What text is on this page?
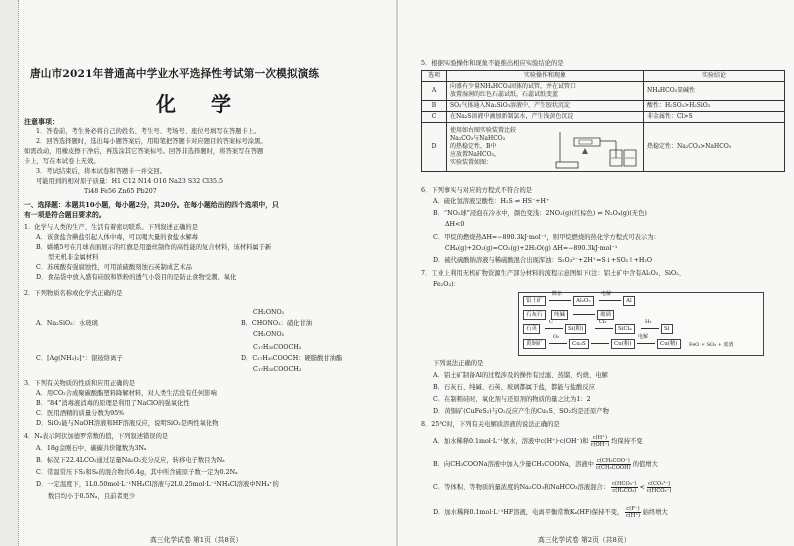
唐山市2021年普通高中学业水平选择性考试第一次模拟演练
化 学
注意事项：
1．答卷前，考生务必将自己的姓名、考生号、考场号、座位号填写在答题卡上。
2．回答选择题时，选出每小题答案后，用铅笔把答题卡对应题目的答案标号涂黑。
如需改动，用橡皮擦干净后，再选涂其它答案标号。回答非选择题时，将答案写在答题
卡上，写在本试卷上无效。
3．考试结束后，将本试卷和答题卡一并交回。
可能用到的相对原子质量：H1 C12 N14 O16 Na23 S32 Cl35.5
Ti48 Fe56 Zn65 Pb207
一、选择题：本题共10小题，每小题2分，共20分。在每小题给出的四个选项中，只
有一项是符合题目要求的。
1．化学与人类的生产、生活有着密切联系。下列叙述正确的是
A．该食盐含碘盐引起人体中毒，可以喝大量的食盐水解毒
B．嫦娥5号在月球表面展示的红旗是用蚕丝制作的高性能的复合材料，该材料属于新
型无机非金属材料
C．苏琉酸有强腐蚀性，可用浓硫酸刻蚀石英制成艺术品
D．食品袋中放入盛有硅胶和铁粉的透气小袋目的是防止食物受潮、氧化
2．下列物质名称或化学式正确的是
A．Na₂SiO₃：水玻璃
CH₂ONO₂
B．CHONO₂：硝化甘油
CH₂ONO₂
C．[Ag(NH₃)₂]⁺：银铵络离子
C₁₇H₃₅COOCH₂
D．C₁₇H₃₅COOCH：硬脂酸甘油酯
C₁₇H₃₅COOCH₂
3．下列有关物质的性质和应用正确的是
A．用CO₂合成聚碳酸酯塑料降解材料，对人类生活没有任何影响
B．“84”消毒液消毒的原理是利用了NaClO的强氧化性
C．医用酒精的质量分数为95%
D．SiO₂能与NaOH溶液和HF溶液反应，说明SiO₂是两性氧化物
4．Nₐ表示阿伏加德罗常数的值，下列叙述错误的是
A．18g金刚石中，碳碳共价键数为3Nₐ
B．标况下22.4LCO₂通过足量Na₂O₂充分反应，转移电子数目为Nₐ
C．常温常压下S₂和S₆的混合物共6.4g，其中所含硫原子数一定为0.2Nₐ
D．一定温度下，1L0.50mol·L⁻¹NH₄Cl溶液与2L0.25mol·L⁻¹NH₄Cl溶液中NH₄⁺的
数目均小于0.5Nₐ，且前者更少
高三化学试卷 第1页（共8页）
5．根据实验操作和现象不能推出相应实验结论的是
选项	实验操作和现象	实验结论
A	向盛有少量NH₄HCO₃固体的试管，并在试管口
放置湿润的红色石蕊试纸，石蕊试纸变蓝	NH₄HCO₃显碱性
B	SO₂气体通入Na₂SiO₃溶液中，产生胶状沉淀	酸性：H₂SO₃>H₂SiO₃
C	在Na₂S溶液中滴加新制氯水，产生浅黄色沉淀	非金属性：Cl>S
D	使用如右图实验装置比较
Na₂CO₃与NaHCO₃
的热稳定性，B中
应放置NaHCO₃，
实验装置如图：	热稳定性：Na₂CO₃>NaHCO₃
6．下列事实与对应的方程式不符合的是
A．硫化氢溶液呈酸性：H₂S ⇌ HS⁻+H⁺
B．“NO₂球”浸泡在冷水中，颜色变浅：2NO₂(g)(红棕色) ⇌ N₂O₄(g)(无色)
ΔH<0
C．甲烷的燃烧热ΔH=−890.3kJ·mol⁻¹，则甲烷燃烧的热化学方程式可表示为：
CH₄(g)+2O₂(g)=CO₂(g)+2H₂O(g) ΔH=−890.3kJ·mol⁻¹
D．硫代硫酸钠溶液与稀硫酸混合出现浑浊：S₂O₃²⁻+2H⁺=S↓+SO₂↑+H₂O
7．工业上利用无机矿物资源生产部分材料的流程示意图如下(注：铝土矿中含有Al₂O₃、SiO₂、
Fe₂O₃)：
铝土矿
除杂
Al₂O₃
电解
Al
石灰石	纯碱	玻璃
石英
C
Si(粗)
Cl₂
SiCl₄
H₂
Si
黄铜矿
O₂
Cu₂S	Cu(粗)
电解
Cu(精)	FeO + SO₂ + 废渣
下列说法正确的是
A．铝土矿制备Al的过程涉及的操作有过滤、蒸馏、灼烧、电解
B．石灰石、纯碱、石英、玻璃都属于盐，都能与盐酸反应
C．在制粗硅时，氧化剂与还原剂的物质的量之比为1：2
D．黄铜矿(CuFeS₂)与O₂反应产生的Cu₂S、SO₂均是还原产物
8．25℃时，下列有关电解质溶液的说法正确的是
A．加水稀释0.1mol·L⁻¹氨水，溶液中c(H⁺)·c(OH⁻)和 $\frac{c(H^+)}{c(OH^-)}$ 均保持不变
B．向CH₃COONa溶液中加入少量CH₃COONa，溶液中 $\frac{\text{c(CH₃COO⁻)}}{\text{c(CH₃COOH)}}$ 的值增大
C．等体积、等物质的量浓度的Na₂CO₃和NaHCO₃溶液混合： $\frac{\text{c(HCO₃⁻)}}{\text{c(H₂CO₃)}} < \frac{\text{c(CO₃²⁻)}}{\text{c(HCO₃⁻)}}$
D．加水稀释0.1mol·L⁻¹HF溶液，电离平衡常数Kₐ(HF)保持不变， $\frac{c(F^-)}{c(H^+)}$ 始终增大
高三化学试卷 第2页（共8页）
